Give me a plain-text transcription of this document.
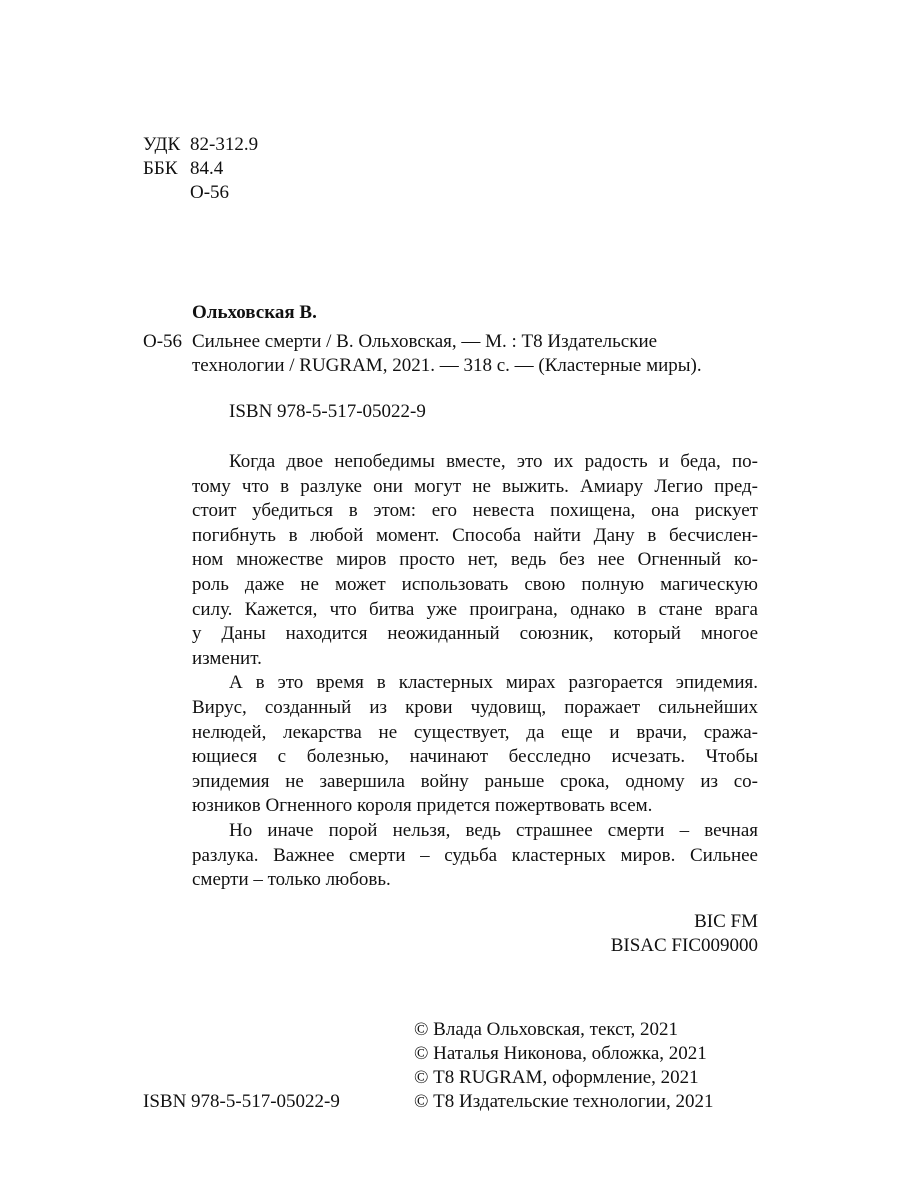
УДК 82-312.9
ББК 84.4
О-56
Ольховская В.
О-56 Сильнее смерти / В. Ольховская, — М. : Т8 Издательские
технологии / RUGRAM, 2021. — 318 с. — (Кластерные миры).
ISBN 978-5-517-05022-9
Когда двое непобедимы вместе, это их радость и беда, по-
тому что в разлуке они могут не выжить. Амиару Легио пред-
стоит убедиться в этом: его невеста похищена, она рискует
погибнуть в любой момент. Способа найти Дану в бесчислен-
ном множестве миров просто нет, ведь без нее Огненный ко-
роль даже не может использовать свою полную магическую
силу. Кажется, что битва уже проиграна, однако в стане врага
у Даны находится неожиданный союзник, который многое
изменит.
А в это время в кластерных мирах разгорается эпидемия.
Вирус, созданный из крови чудовищ, поражает сильнейших
нелюдей, лекарства не существует, да еще и врачи, сража-
ющиеся с болезнью, начинают бесследно исчезать. Чтобы
эпидемия не завершила войну раньше срока, одному из со-
юзников Огненного короля придется пожертвовать всем.
Но иначе порой нельзя, ведь страшнее смерти – вечная
разлука. Важнее смерти – судьба кластерных миров. Сильнее
смерти – только любовь.
BIC FM
BISAC FIC009000
© Влада Ольховская, текст, 2021
© Наталья Никонова, обложка, 2021
© Т8 RUGRAM, оформление, 2021
© Т8 Издательские технологии, 2021
ISBN 978-5-517-05022-9
